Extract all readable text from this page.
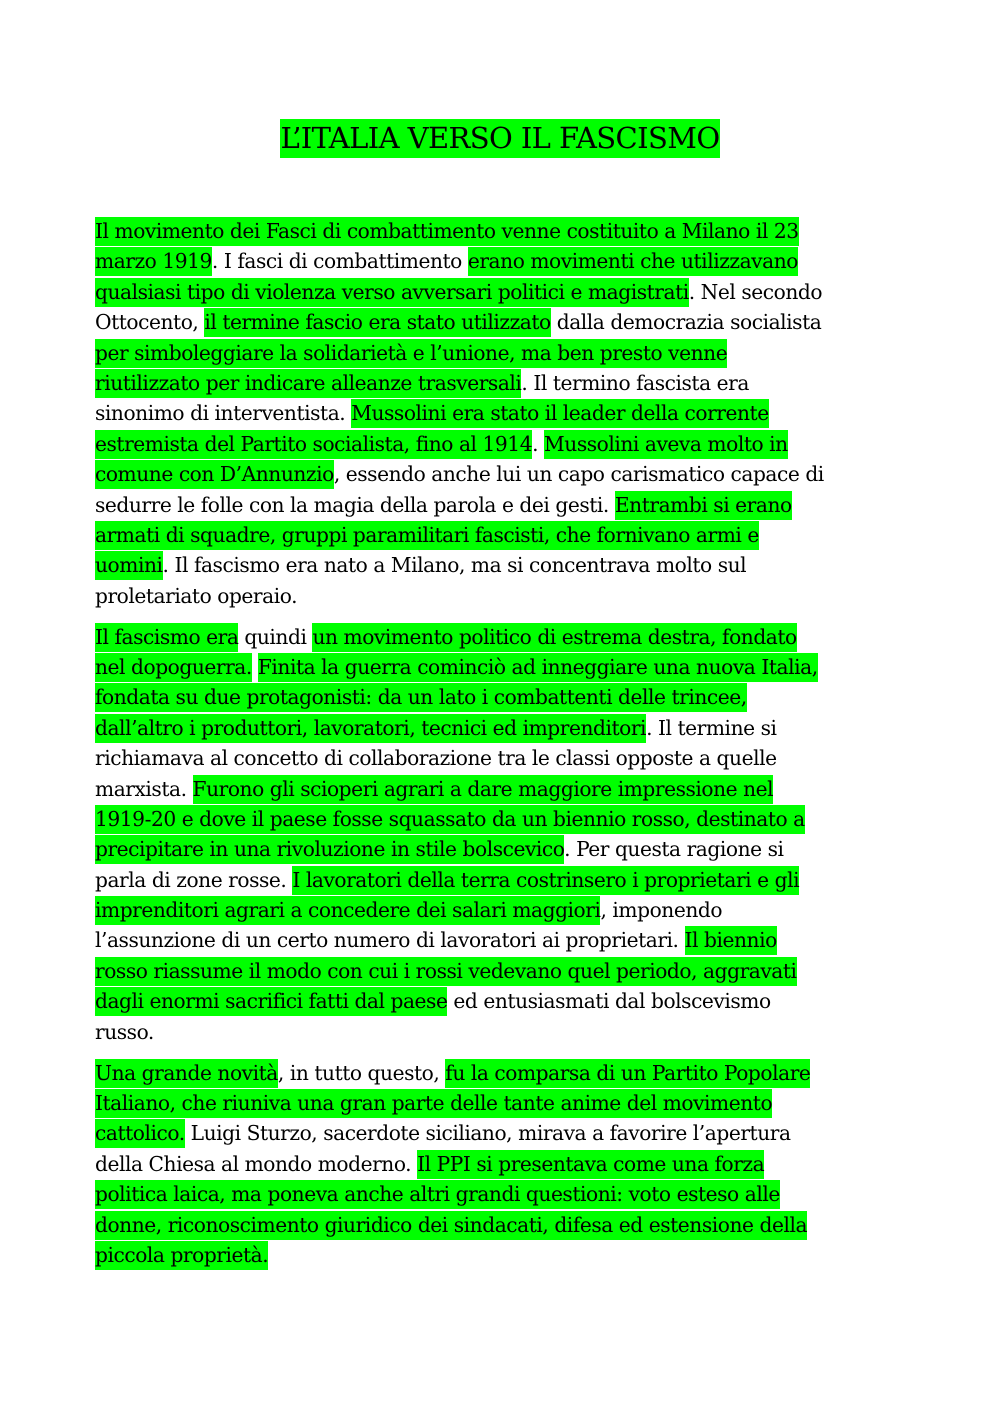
L’ITALIA VERSO IL FASCISMO
Il movimento dei Fasci di combattimento venne costituito a Milano il 23
marzo 1919. I fasci di combattimento erano movimenti che utilizzavano
qualsiasi tipo di violenza verso avversari politici e magistrati. Nel secondo
Ottocento, il termine fascio era stato utilizzato dalla democrazia socialista
per simboleggiare la solidarietà e l’unione, ma ben presto venne
riutilizzato per indicare alleanze trasversali. Il termino fascista era
sinonimo di interventista. Mussolini era stato il leader della corrente
estremista del Partito socialista, fino al 1914. Mussolini aveva molto in
comune con D’Annunzio, essendo anche lui un capo carismatico capace di
sedurre le folle con la magia della parola e dei gesti. Entrambi si erano
armati di squadre, gruppi paramilitari fascisti, che fornivano armi e
uomini. Il fascismo era nato a Milano, ma si concentrava molto sul
proletariato operaio.
Il fascismo era quindi un movimento politico di estrema destra, fondato
nel dopoguerra. Finita la guerra cominciò ad inneggiare una nuova Italia,
fondata su due protagonisti: da un lato i combattenti delle trincee,
dall’altro i produttori, lavoratori, tecnici ed imprenditori. Il termine si
richiamava al concetto di collaborazione tra le classi opposte a quelle
marxista. Furono gli scioperi agrari a dare maggiore impressione nel
1919-20 e dove il paese fosse squassato da un biennio rosso, destinato a
precipitare in una rivoluzione in stile bolscevico. Per questa ragione si
parla di zone rosse. I lavoratori della terra costrinsero i proprietari e gli
imprenditori agrari a concedere dei salari maggiori, imponendo
l’assunzione di un certo numero di lavoratori ai proprietari. Il biennio
rosso riassume il modo con cui i rossi vedevano quel periodo, aggravati
dagli enormi sacrifici fatti dal paese ed entusiasmati dal bolscevismo
russo.
Una grande novità, in tutto questo, fu la comparsa di un Partito Popolare
Italiano, che riuniva una gran parte delle tante anime del movimento
cattolico. Luigi Sturzo, sacerdote siciliano, mirava a favorire l’apertura
della Chiesa al mondo moderno. Il PPI si presentava come una forza
politica laica, ma poneva anche altri grandi questioni: voto esteso alle
donne, riconoscimento giuridico dei sindacati, difesa ed estensione della
piccola proprietà.
